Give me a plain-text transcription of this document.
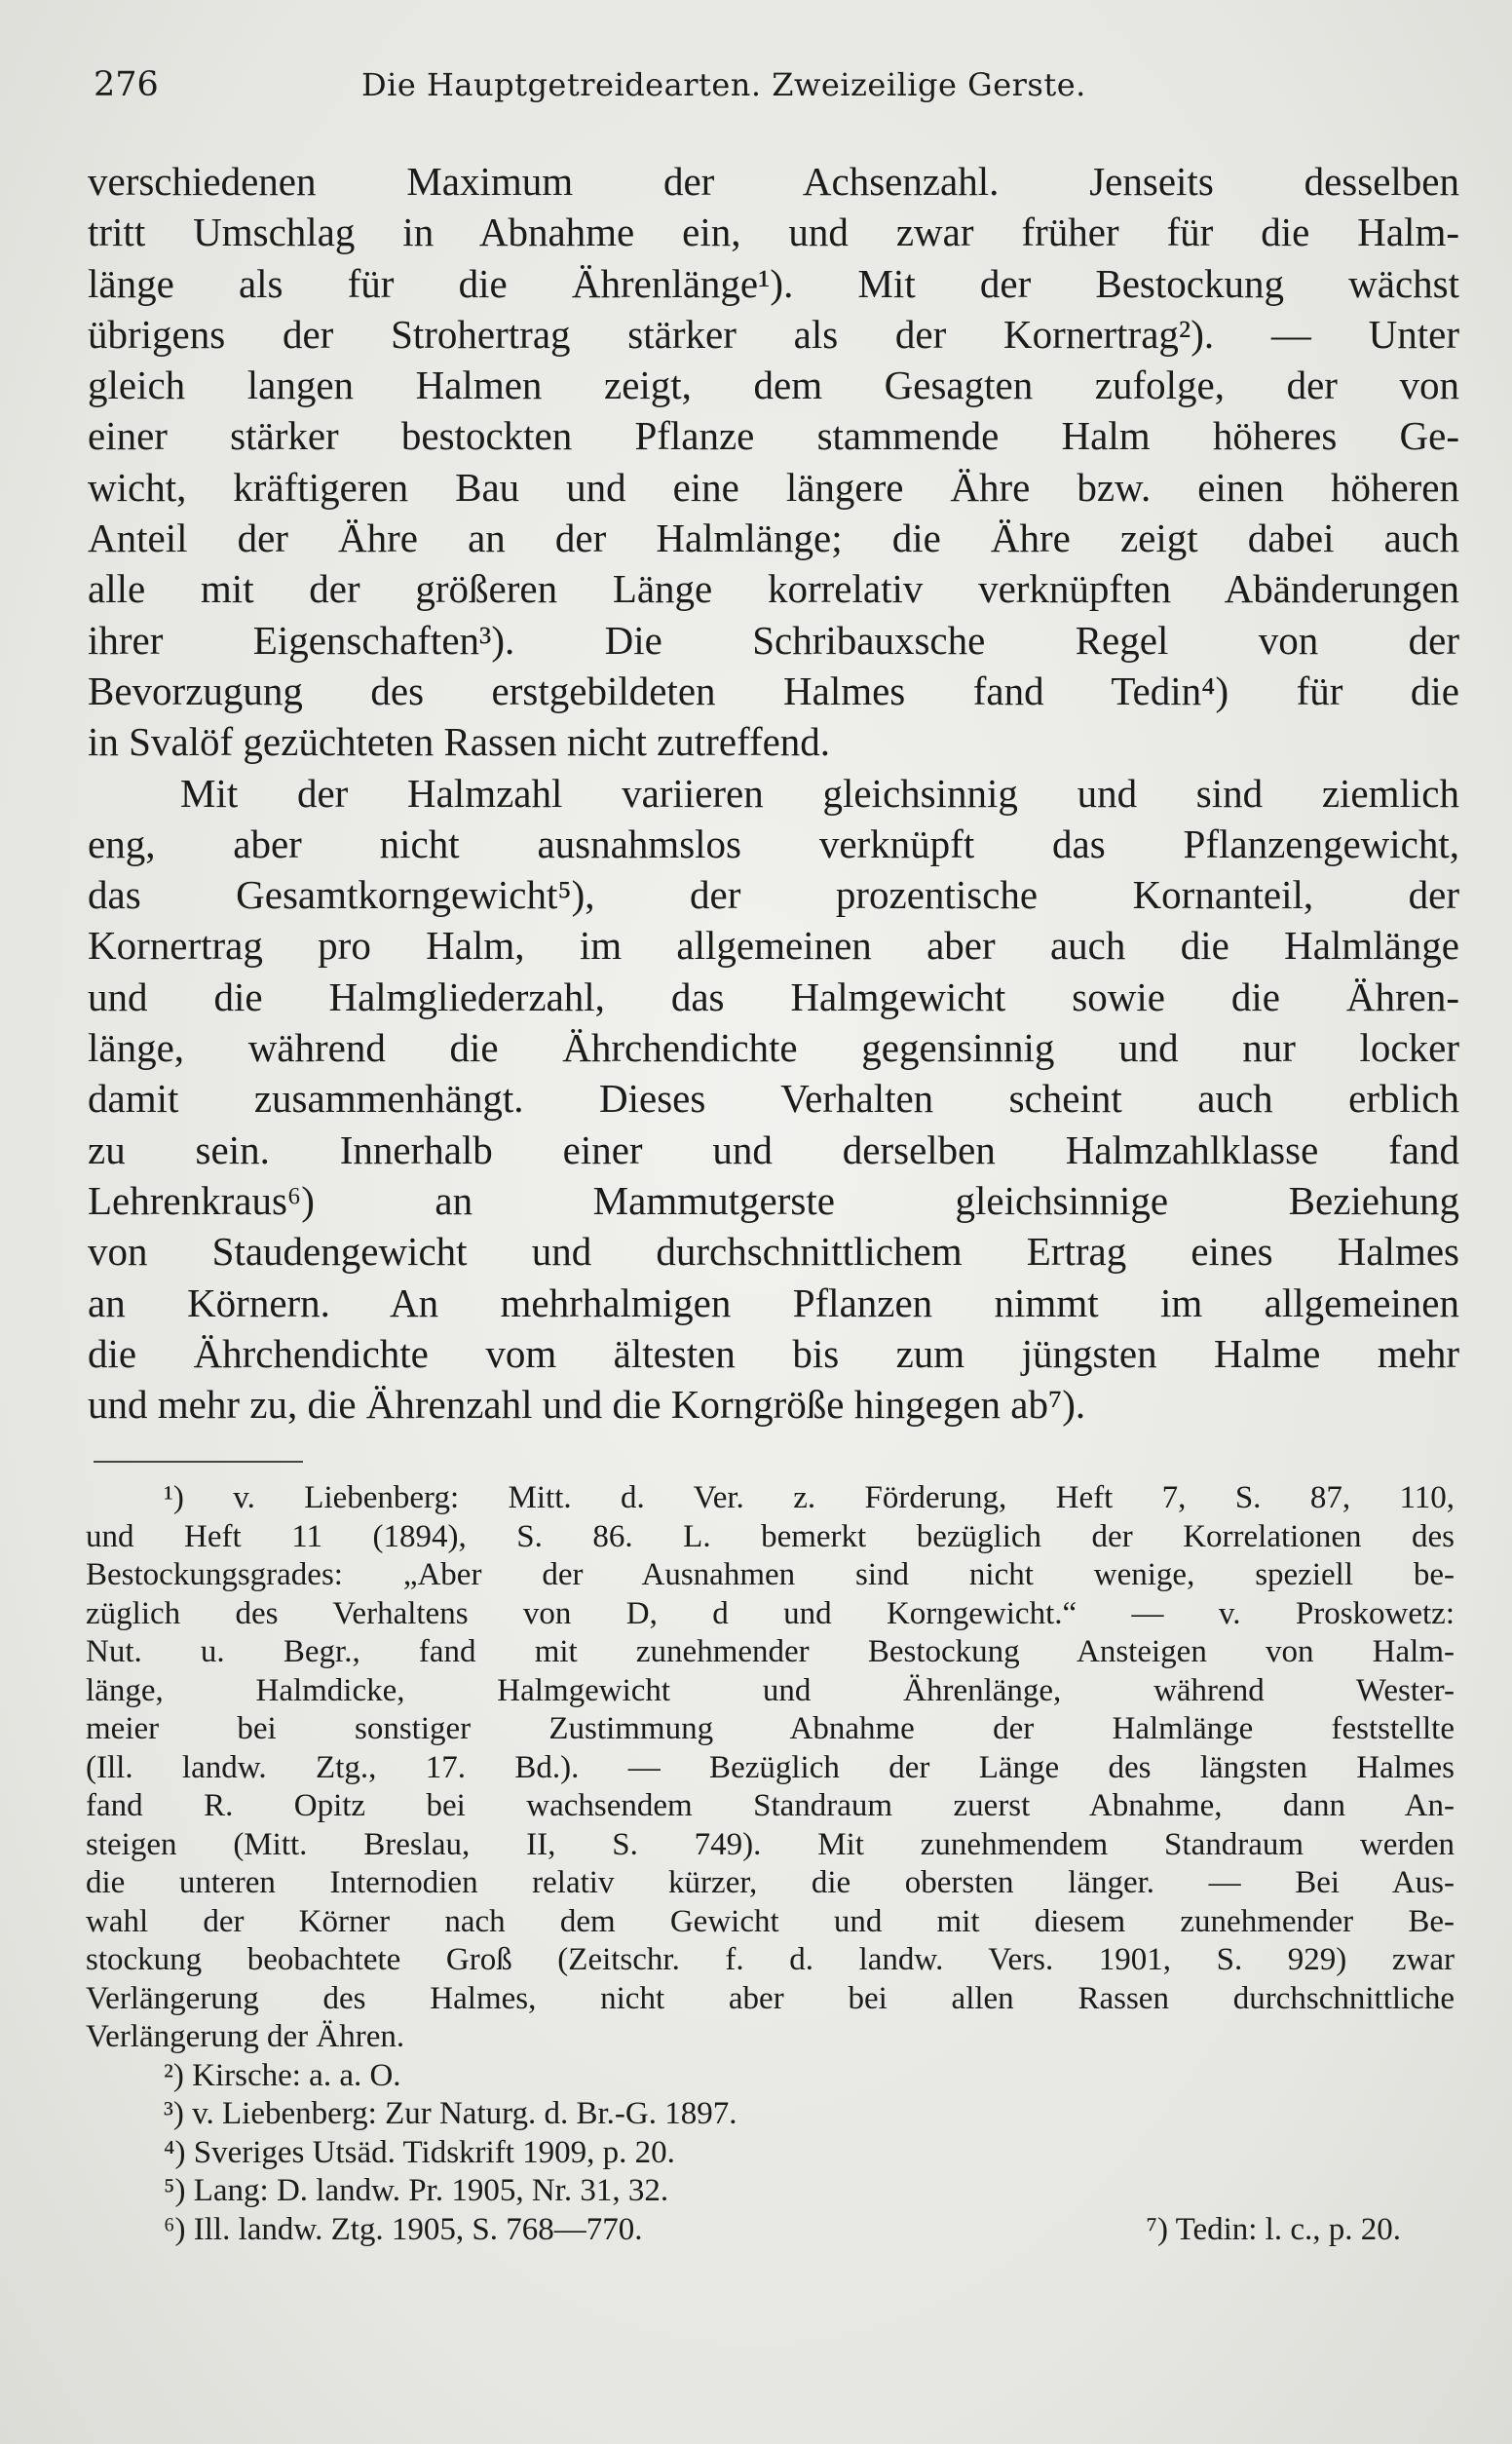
276	Die Hauptgetreidearten. Zweizeilige Gerste.
verschiedenen Maximum der Achsenzahl. Jenseits desselben
tritt Umschlag in Abnahme ein, und zwar früher für die Halm-
länge als für die Ährenlänge¹). Mit der Bestockung wächst
übrigens der Strohertrag stärker als der Kornertrag²). — Unter
gleich langen Halmen zeigt, dem Gesagten zufolge, der von
einer stärker bestockten Pflanze stammende Halm höheres Ge-
wicht, kräftigeren Bau und eine längere Ähre bzw. einen höheren
Anteil der Ähre an der Halmlänge; die Ähre zeigt dabei auch
alle mit der größeren Länge korrelativ verknüpften Abänderungen
ihrer Eigenschaften³). Die Schribauxsche Regel von der
Bevorzugung des erstgebildeten Halmes fand Tedin⁴) für die
in Svalöf gezüchteten Rassen nicht zutreffend.
Mit der Halmzahl variieren gleichsinnig und sind ziemlich
eng, aber nicht ausnahmslos verknüpft das Pflanzengewicht,
das Gesamtkorngewicht⁵), der prozentische Kornanteil, der
Kornertrag pro Halm, im allgemeinen aber auch die Halmlänge
und die Halmgliederzahl, das Halmgewicht sowie die Ähren-
länge, während die Ährchendichte gegensinnig und nur locker
damit zusammenhängt. Dieses Verhalten scheint auch erblich
zu sein. Innerhalb einer und derselben Halmzahlklasse fand
Lehrenkraus⁶) an Mammutgerste gleichsinnige Beziehung
von Staudengewicht und durchschnittlichem Ertrag eines Halmes
an Körnern. An mehrhalmigen Pflanzen nimmt im allgemeinen
die Ährchendichte vom ältesten bis zum jüngsten Halme mehr
und mehr zu, die Ährenzahl und die Korngröße hingegen ab⁷).
¹) v. Liebenberg: Mitt. d. Ver. z. Förderung, Heft 7, S. 87, 110,
und Heft 11 (1894), S. 86. L. bemerkt bezüglich der Korrelationen des
Bestockungsgrades: „Aber der Ausnahmen sind nicht wenige, speziell be-
züglich des Verhaltens von D, d und Korngewicht.“ — v. Proskowetz:
Nut. u. Begr., fand mit zunehmender Bestockung Ansteigen von Halm-
länge, Halmdicke, Halmgewicht und Ährenlänge, während Wester-
meier bei sonstiger Zustimmung Abnahme der Halmlänge feststellte
(Ill. landw. Ztg., 17. Bd.). — Bezüglich der Länge des längsten Halmes
fand R. Opitz bei wachsendem Standraum zuerst Abnahme, dann An-
steigen (Mitt. Breslau, II, S. 749). Mit zunehmendem Standraum werden
die unteren Internodien relativ kürzer, die obersten länger. — Bei Aus-
wahl der Körner nach dem Gewicht und mit diesem zunehmender Be-
stockung beobachtete Groß (Zeitschr. f. d. landw. Vers. 1901, S. 929) zwar
Verlängerung des Halmes, nicht aber bei allen Rassen durchschnittliche
Verlängerung der Ähren.
²) Kirsche: a. a. O.
³) v. Liebenberg: Zur Naturg. d. Br.-G. 1897.
⁴) Sveriges Utsäd. Tidskrift 1909, p. 20.
⁵) Lang: D. landw. Pr. 1905, Nr. 31, 32.
⁶) Ill. landw. Ztg. 1905, S. 768—770.	⁷) Tedin: l. c., p. 20.
